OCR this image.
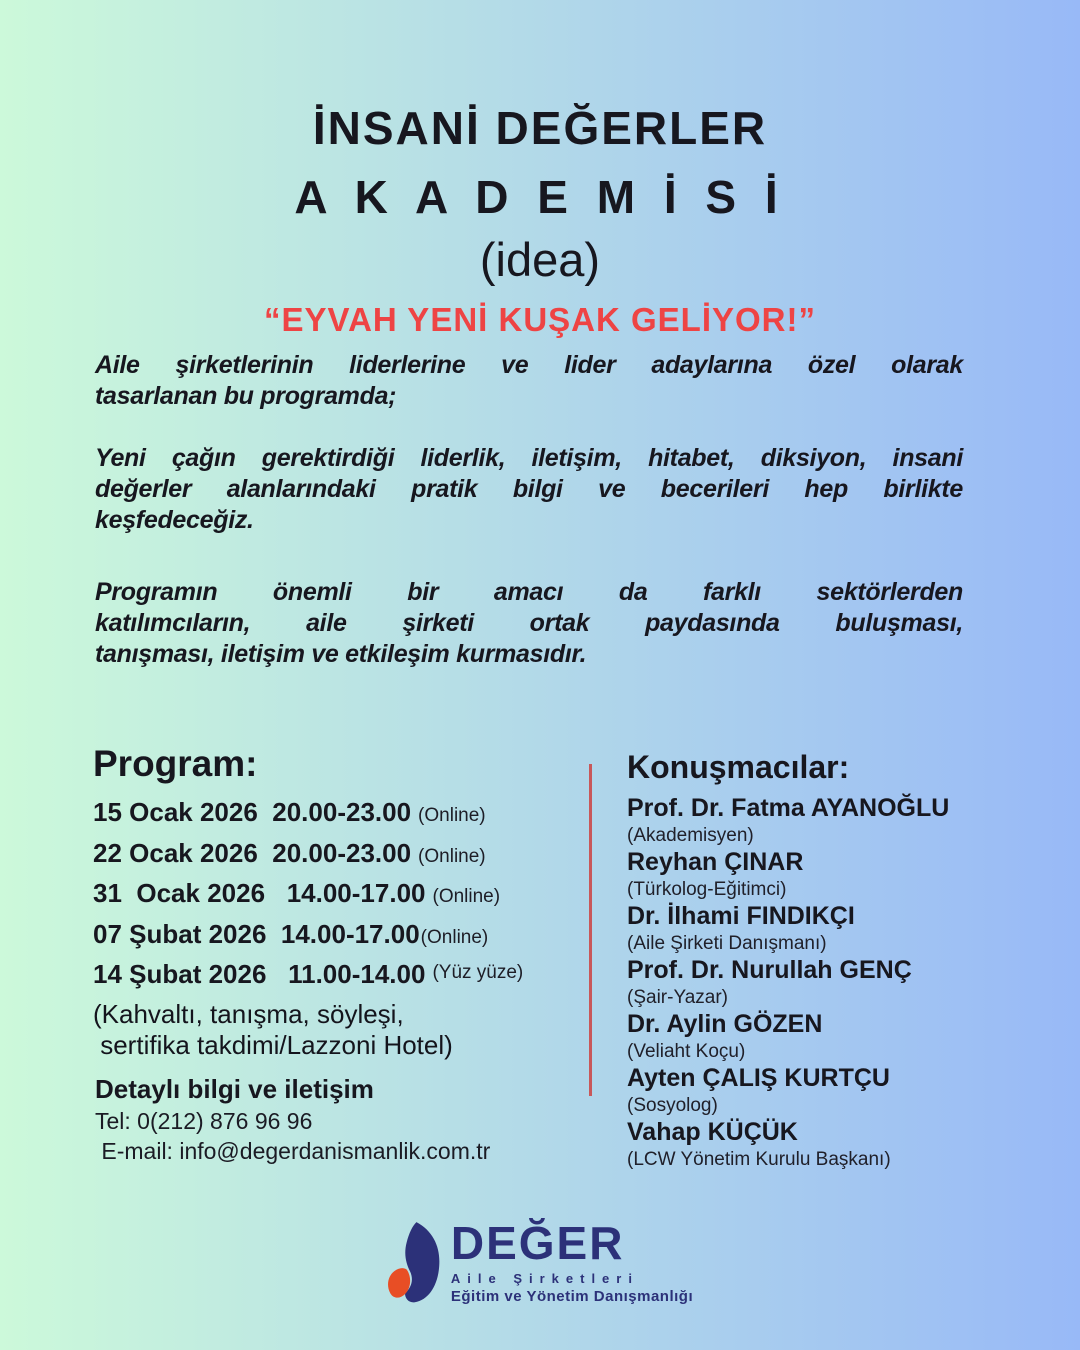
İNSANİ DEĞERLER
A K A D E M İ S İ
(idea)
“EYVAH YENİ KUŞAK GELİYOR!”
Aile şirketlerinin liderlerine ve lider adaylarına özel olarak
tasarlanan bu programda;
Yeni çağın gerektirdiği liderlik, iletişim, hitabet, diksiyon, insani
değerler alanlarındaki pratik bilgi ve becerileri hep birlikte
keşfedeceğiz.
Programın önemli bir amacı da farklı sektörlerden
katılımcıların, aile şirketi ortak paydasında buluşması,
tanışması, iletişim ve etkileşim kurmasıdır.
Program:
15 Ocak 2026  20.00-23.00 (Online)
22 Ocak 2026  20.00-23.00 (Online)
31  Ocak 2026   14.00-17.00 (Online)
07 Şubat 2026  14.00-17.00 (Online)
14 Şubat 2026   11.00-14.00 (Yüz yüze)
(Kahvaltı, tanışma, söyleşi,
sertifika takdimi/Lazzoni Hotel)
Konuşmacılar:
Prof. Dr. Fatma AYANOĞLU
(Akademisyen)
Reyhan ÇINAR
(Türkolog-Eğitimci)
Dr. İlhami FINDIKÇI
(Aile Şirketi Danışmanı)
Prof. Dr. Nurullah GENÇ
(Şair-Yazar)
Dr. Aylin GÖZEN
(Veliaht Koçu)
Ayten ÇALIŞ KURTÇU
(Sosyolog)
Vahap KÜÇÜK
(LCW Yönetim Kurulu Başkanı)
Detaylı bilgi ve iletişim
Tel: 0(212) 876 96 96
E-mail: info@degerdanismanlik.com.tr
DEĞER
Aile Şirketleri
Eğitim ve Yönetim Danışmanlığı
